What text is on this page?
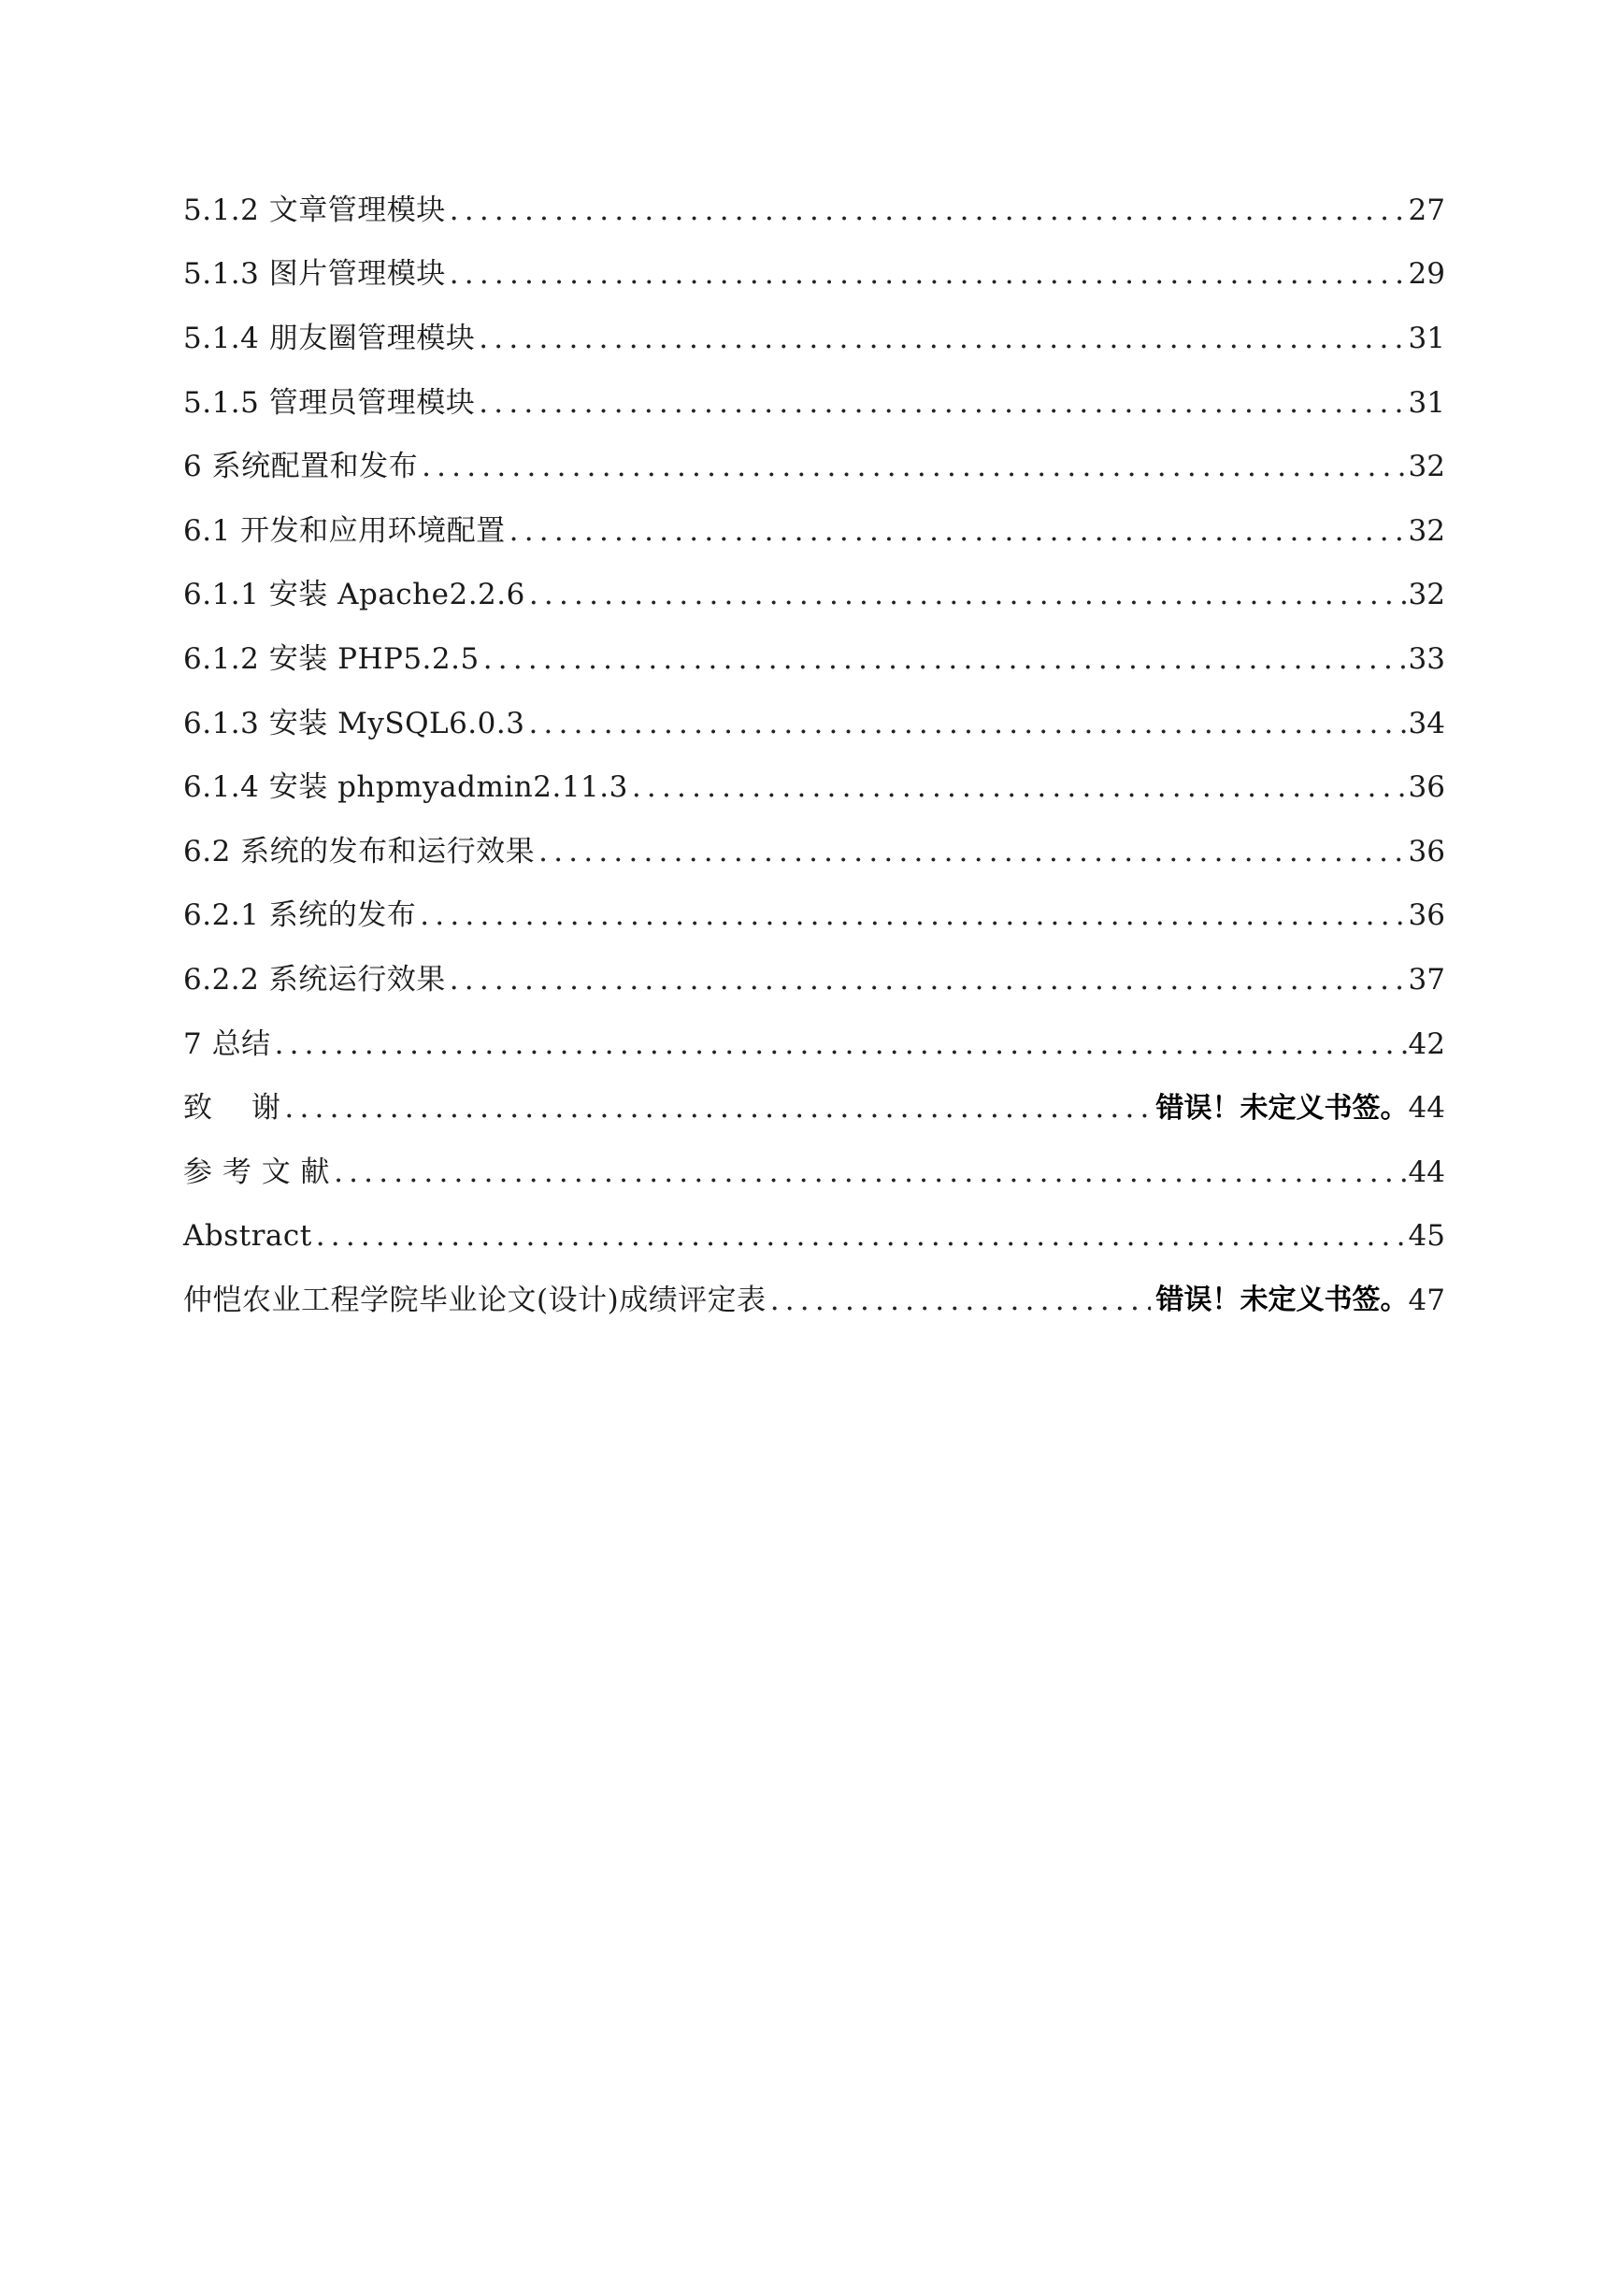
5.1.2 文章管理模块 .....	27
5.1.3 图片管理模块 .....	29
5.1.4 朋友圈管理模块 .....	31
5.1.5 管理员管理模块 .....	31
6 系统配置和发布 .....	32
6.1 开发和应用环境配置 .....	32
6.1.1 安装 Apache2.2.6 .....	32
6.1.2 安装 PHP5.2.5 .....	33
6.1.3 安装 MySQL6.0.3 .....	34
6.1.4 安装 phpmyadmin2.11.3 .....	36
6.2 系统的发布和运行效果 .....	36
6.2.1 系统的发布 .....	36
6.2.2 系统运行效果 .....	37
7 总结 .....	42
致    谢 .....	错误！未定义书签。 44
参 考 文 献 .....	44
Abstract .....	45
仲恺农业工程学院毕业论文(设计)成绩评定表 .....	错误！未定义书签。 47
